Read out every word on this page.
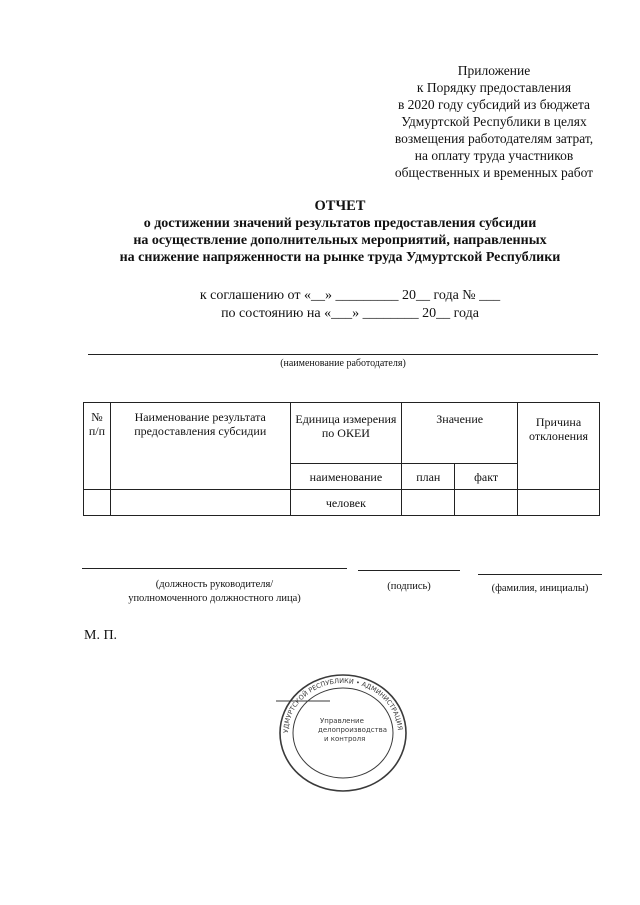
Приложение
к Порядку предоставления
в 2020 году субсидий из бюджета
Удмуртской Республики в целях
возмещения работодателям затрат,
на оплату труда участников
общественных и временных работ
ОТЧЕТ
о достижении значений результатов предоставления субсидии
на осуществление дополнительных мероприятий, направленных
на снижение напряженности на рынке труда Удмуртской Республики
к соглашению от «__» _________ 20__ года № ___
по состоянию на «___» ________ 20__ года
(наименование работодателя)
№ п/п	Наименование результата предоставления субсидии	Единица измерения по ОКЕИ	Значение		Причина отклонения
		наименование	план	факт	
		человек			
(должность руководителя/
уполномоченного должностного лица)
(подпись)	(фамилия, инициалы)
М. П.
УДМУРТСКОЙ РЕСПУБЛИКИ • АДМИНИСТРАЦИЯ
Управление
делопроизводства
и контроля
